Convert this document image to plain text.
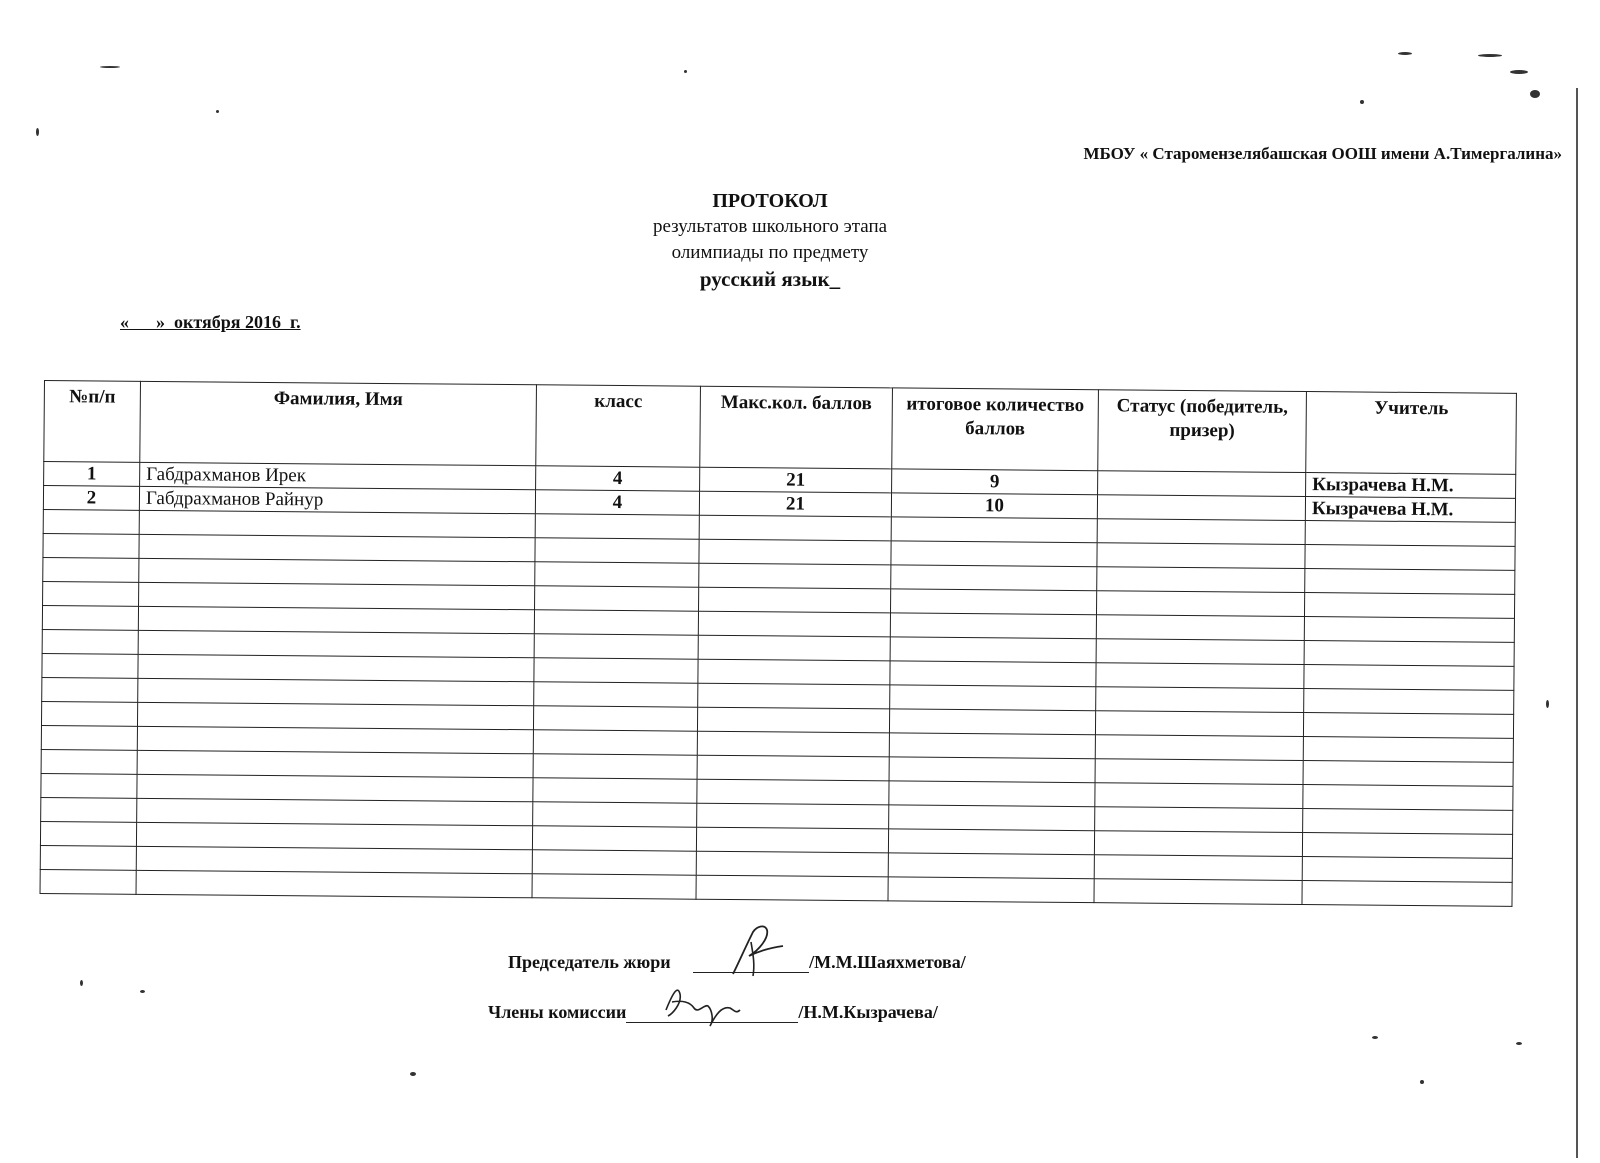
МБОУ « Старомензелябашская ООШ имени А.Тимергалина»
ПРОТОКОЛ
результатов школьного этапа
олимпиады по предмету
русский язык_
«      »  октября 2016  г.
№п/п	Фамилия, Имя	класс	Макс.кол. баллов	итоговое количество баллов	Статус (победитель, призер)	Учитель
1	Габдрахманов Ирек	4	21	9		Кызрачева Н.М.
2	Габдрахманов Райнур	4	21	10		Кызрачева Н.М.

Председатель жюри	/М.М.Шаяхметова/
Члены комиссии	/Н.М.Кызрачева/
